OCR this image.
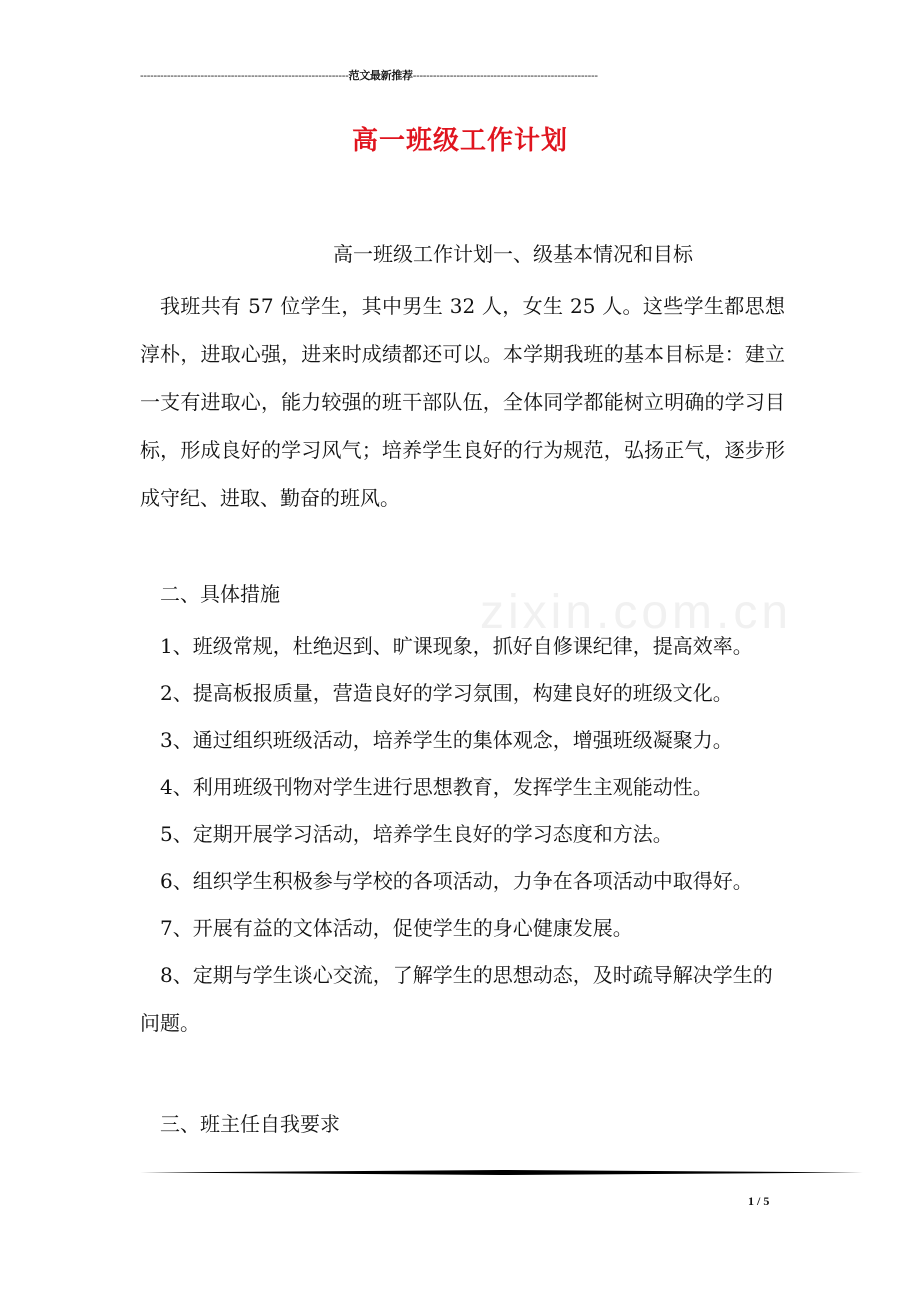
--------------------------------------------------------------范文最新推荐-------------------------------------------------------
高一班级工作计划
高一班级工作计划一、级基本情况和目标

我班共有 57 位学生，其中男生 32 人，女生 25 人。这些学生都思想淳朴，进取心强，进来时成绩都还可以。本学期我班的基本目标是：建立一支有进取心，能力较强的班干部队伍，全体同学都能树立明确的学习目标，形成良好的学习风气；培养学生良好的行为规范，弘扬正气，逐步形成守纪、进取、勤奋的班风。

zixin.com.cn
二、具体措施

1、班级常规，杜绝迟到、旷课现象，抓好自修课纪律，提高效率。

2、提高板报质量，营造良好的学习氛围，构建良好的班级文化。

3、通过组织班级活动，培养学生的集体观念，增强班级凝聚力。

4、利用班级刊物对学生进行思想教育，发挥学生主观能动性。

5、定期开展学习活动，培养学生良好的学习态度和方法。

6、组织学生积极参与学校的各项活动，力争在各项活动中取得好。

7、开展有益的文体活动，促使学生的身心健康发展。

8、定期与学生谈心交流，了解学生的思想动态，及时疏导解决学生的问题。

三、班主任自我要求
1 / 5
